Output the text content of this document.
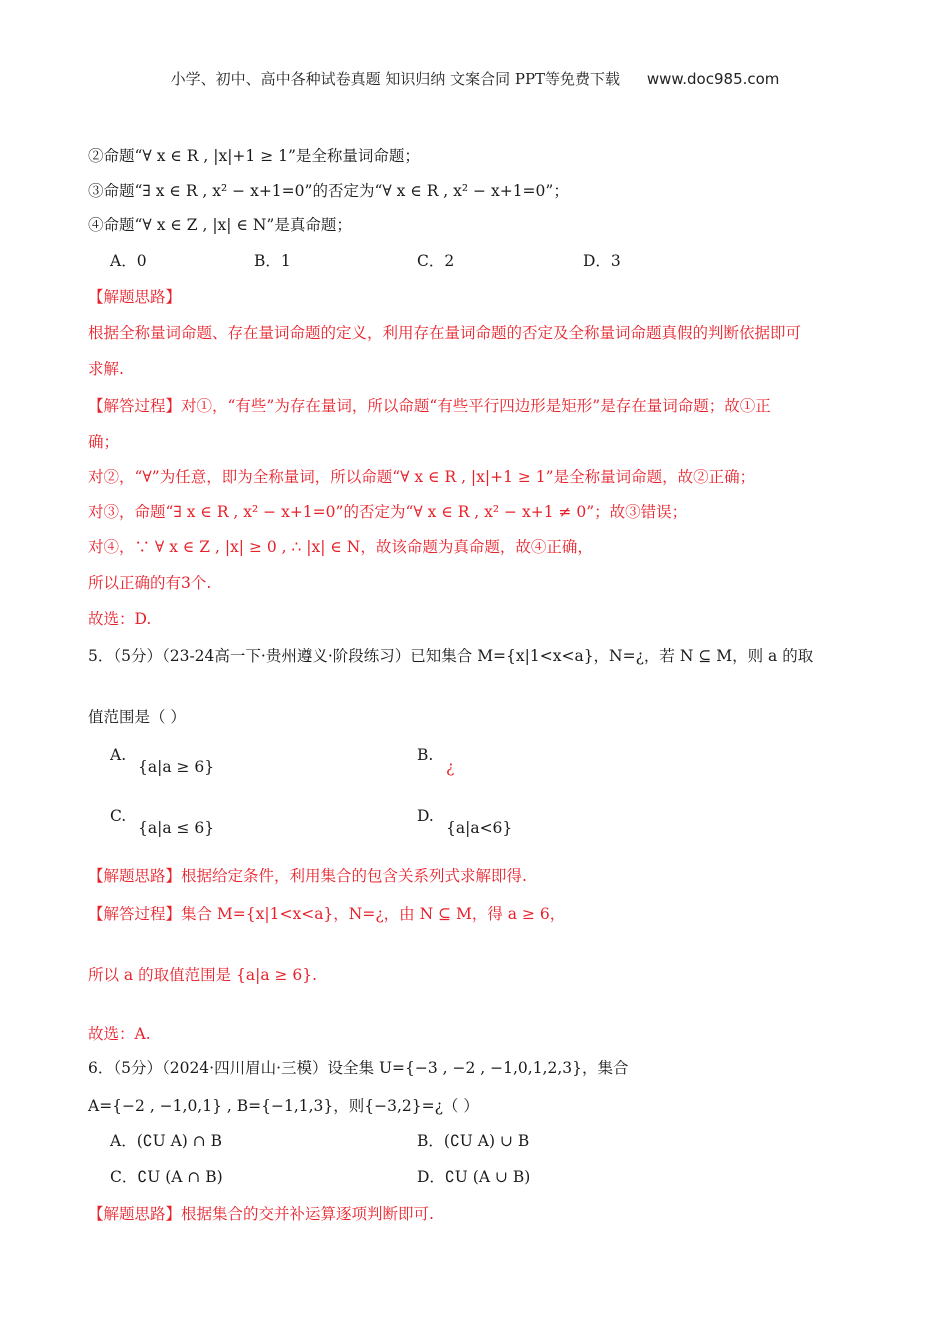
小学、初中、高中各种试卷真题 知识归纳 文案合同 PPT等免费下载 www.doc985.com
②命题“∀ x ∈ R , |x|+1 ≥ 1”是全称量词命题；
③命题“∃ x ∈ R , x² − x+1=0”的否定为“∀ x ∈ R , x² − x+1=0”；
④命题“∀ x ∈ Z , |x| ∈ N”是真命题；
A．0	B．1	C．2	D．3
【解题思路】
根据全称量词命题、存在量词命题的定义，利用存在量词命题的否定及全称量词命题真假的判断依据即可
求解.
【解答过程】对①，“有些”为存在量词，所以命题“有些平行四边形是矩形”是存在量词命题；故①正
确；
对②，“∀”为任意，即为全称量词，所以命题“∀ x ∈ R , |x|+1 ≥ 1”是全称量词命题，故②正确；
对③，命题“∃ x ∈ R , x² − x+1=0”的否定为“∀ x ∈ R , x² − x+1 ≠ 0”；故③错误；
对④，∵ ∀ x ∈ Z , |x| ≥ 0 , ∴ |x| ∈ N，故该命题为真命题，故④正确，
所以正确的有3个.
故选：D.
5．（5分）（23-24高一下·贵州遵义·阶段练习）已知集合 M={x|1<x<a}，N=¿，若 N ⊆ M，则 a 的取
值范围是（ ）
A.
{a|a ≥ 6}
B.
¿
C.
{a|a ≤ 6}
D.
{a|a<6}
【解题思路】根据给定条件，利用集合的包含关系列式求解即得.
【解答过程】集合 M={x|1<x<a}，N=¿，由 N ⊆ M，得 a ≥ 6，
所以 a 的取值范围是 {a|a ≥ 6}.
故选：A.
6．（5分）（2024·四川眉山·三模）设全集 U={−3 , −2 , −1,0,1,2,3}，集合
A={−2 , −1,0,1} , B={−1,1,3}，则{−3,2}=¿（ ）
A．(∁U A) ∩ B	B．(∁U A) ∪ B
C．∁U (A ∩ B)	D．∁U (A ∪ B)
【解题思路】根据集合的交并补运算逐项判断即可.
